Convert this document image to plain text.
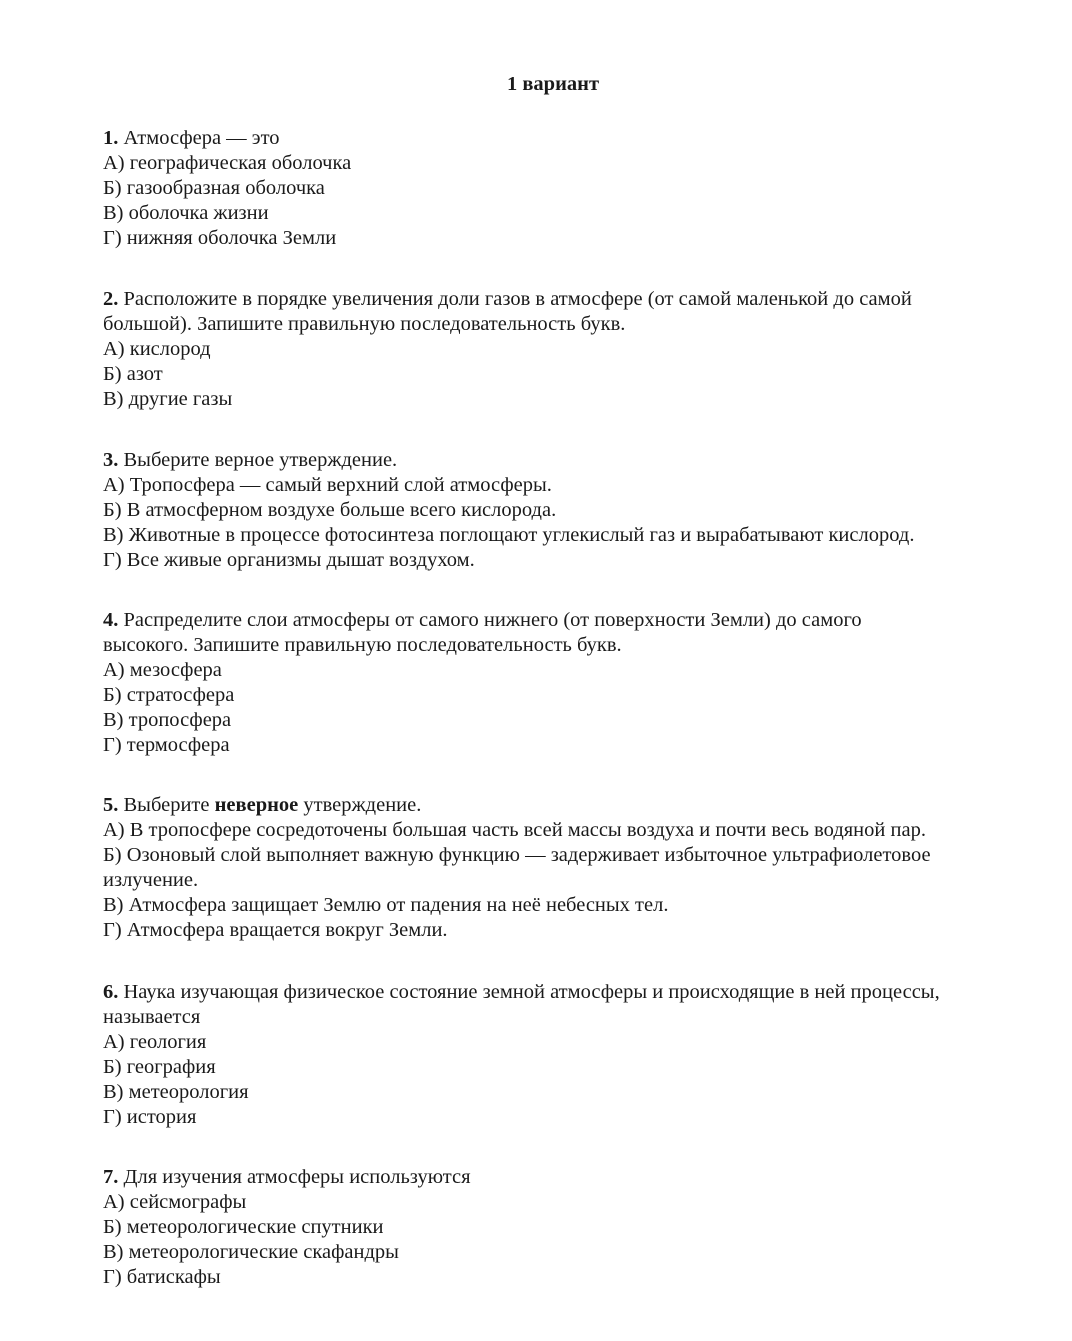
1 вариант
1. Атмосфера — это
А) географическая оболочка
Б) газообразная оболочка
В) оболочка жизни
Г) нижняя оболочка Земли
2. Расположите в порядке увеличения доли газов в атмосфере (от самой маленькой до самой
большой). Запишите правильную последовательность букв.
А) кислород
Б) азот
В) другие газы
3. Выберите верное утверждение.
А) Тропосфера — самый верхний слой атмосферы.
Б) В атмосферном воздухе больше всего кислорода.
В) Животные в процессе фотосинтеза поглощают углекислый газ и вырабатывают кислород.
Г) Все живые организмы дышат воздухом.
4. Распределите слои атмосферы от самого нижнего (от поверхности Земли) до самого
высокого. Запишите правильную последовательность букв.
А) мезосфера
Б) стратосфера
В) тропосфера
Г) термосфера
5. Выберите неверное утверждение.
А) В тропосфере сосредоточены большая часть всей массы воздуха и почти весь водяной пар.
Б) Озоновый слой выполняет важную функцию — задерживает избыточное ультрафиолетовое
излучение.
В) Атмосфера защищает Землю от падения на неё небесных тел.
Г) Атмосфера вращается вокруг Земли.
6. Наука изучающая физическое состояние земной атмосферы и происходящие в ней процессы,
называется
А) геология
Б) география
В) метеорология
Г) история
7. Для изучения атмосферы используются
А) сейсмографы
Б) метеорологические спутники
В) метеорологические скафандры
Г) батискафы
